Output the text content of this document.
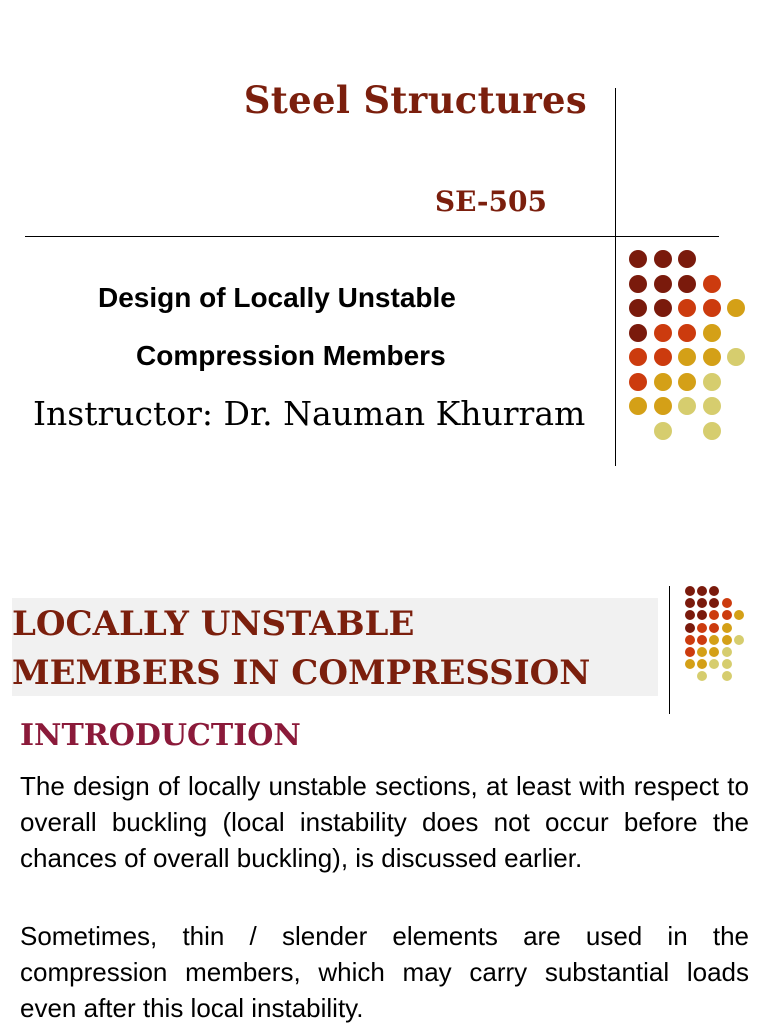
Steel Structures
SE-505
Design of Locally Unstable
Compression Members
Instructor: Dr. Nauman Khurram
LOCALLY UNSTABLE
MEMBERS IN COMPRESSION
INTRODUCTION
The design of locally unstable sections, at least with respect to overall buckling (local instability does not occur before the chances of overall buckling), is discussed earlier.
Sometimes, thin / slender elements are used in the compression members, which may carry substantial loads even after this local instability.
